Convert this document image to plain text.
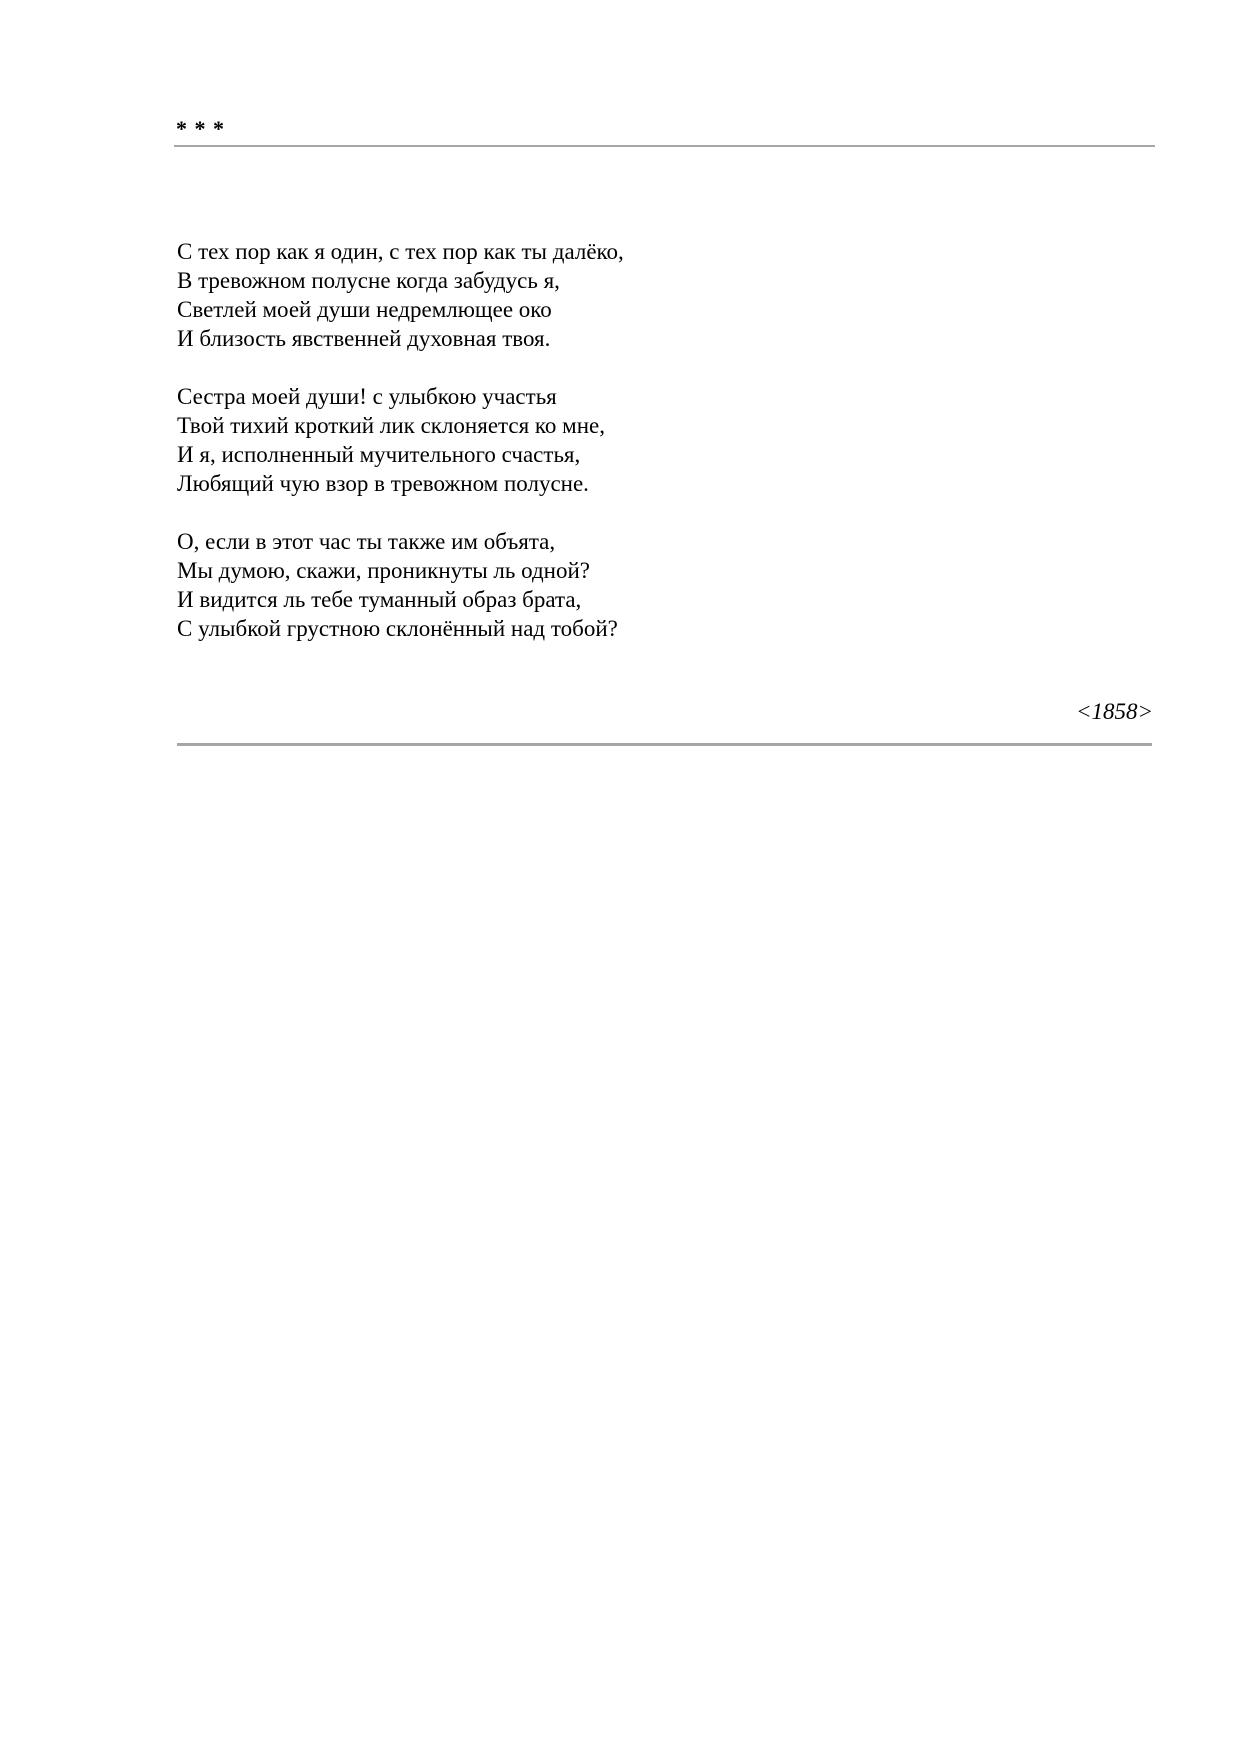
* * *
С тех пор как я один, с тех пор как ты далёко,
В тревожном полусне когда забудусь я,
Светлей моей души недремлющее око
И близость явственней духовная твоя.
Сестра моей души! с улыбкою участья
Твой тихий кроткий лик склоняется ко мне,
И я, исполненный мучительного счастья,
Любящий чую взор в тревожном полусне.
О, если в этот час ты также им объята,
Мы думою, скажи, проникнуты ль одной?
И видится ль тебе туманный образ брата,
С улыбкой грустною склонённый над тобой?
<1858>
